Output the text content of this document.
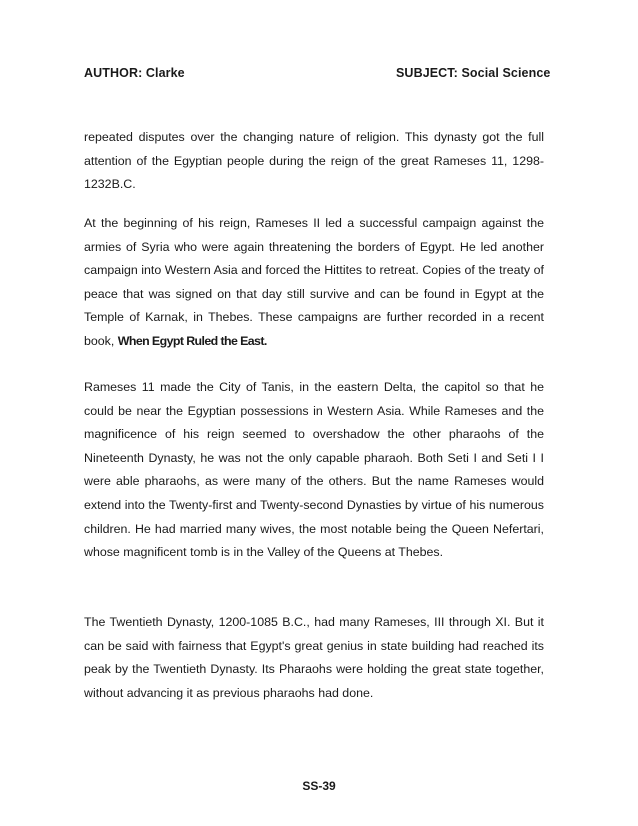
AUTHOR: Clarke	SUBJECT: Social Science

repeated disputes over the changing nature of religion. This dynasty got the full attention of the Egyptian people during the reign of the great Rameses 11, 1298-1232B.C.

At the beginning of his reign, Rameses II led a successful campaign against the armies of Syria who were again threatening the borders of Egypt. He led another campaign into Western Asia and forced the Hittites to retreat. Copies of the treaty of peace that was signed on that day still survive and can be found in Egypt at the Temple of Karnak, in Thebes. These campaigns are further recorded in a recent book, When Egypt Ruled the East.

Rameses 11 made the City of Tanis, in the eastern Delta, the capitol so that he could be near the Egyptian possessions in Western Asia. While Rameses and the magnificence of his reign seemed to overshadow the other pharaohs of the Nineteenth Dynasty, he was not the only capable pharaoh. Both Seti I and Seti I I were able pharaohs, as were many of the others. But the name Rameses would extend into the Twenty-first and Twenty-second Dynasties by virtue of his numerous children. He had married many wives, the most notable being the Queen Nefertari, whose magnificent tomb is in the Valley of the Queens at Thebes.

The Twentieth Dynasty, 1200-1085 B.C., had many Rameses, III through XI. But it can be said with fairness that Egypt's great genius in state building had reached its peak by the Twentieth Dynasty. Its Pharaohs were holding the great state together, without advancing it as previous pharaohs had done.

SS-39
